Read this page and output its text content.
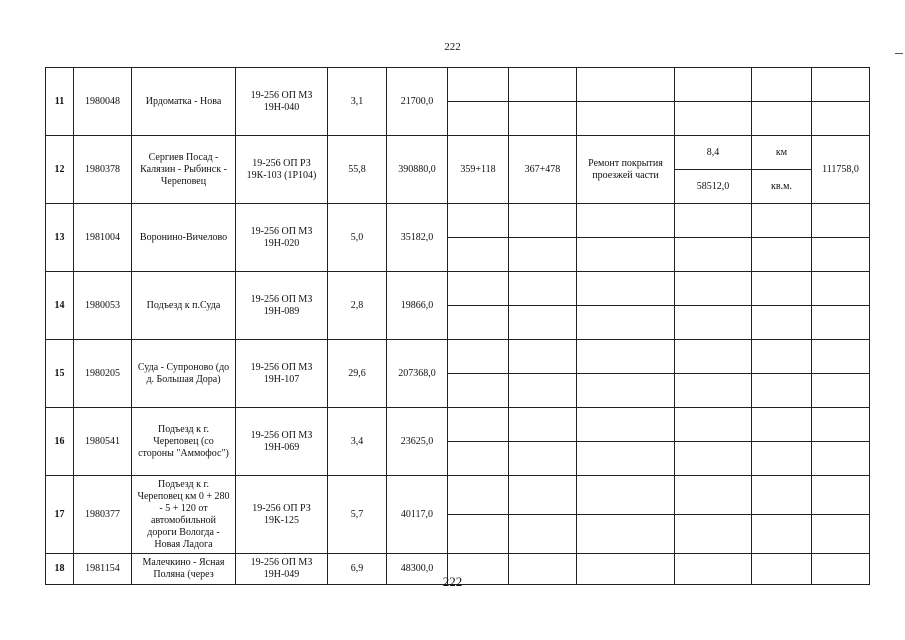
222
11	1980048	Ирдоматка - Нова	19-256 ОП МЗ 19Н-040	3,1	21700,0						

12	1980378	Сергиев Посад - Калязин - Рыбинск - Череповец	19-256 ОП РЗ 19К-103 (1Р104)	55,8	390880,0	359+118	367+478	Ремонт покрытия проезжей части	8,4	км	111758,0
									58512,0	кв.м.	
13	1981004	Воронино-Вичелово	19-256 ОП МЗ 19Н-020	5,0	35182,0						

14	1980053	Подъезд к п.Суда	19-256 ОП МЗ 19Н-089	2,8	19866,0						

15	1980205	Суда - Супроново (до д. Большая Дора)	19-256 ОП МЗ 19Н-107	29,6	207368,0						

16	1980541	Подъезд к г. Череповец (со стороны "Аммофос")	19-256 ОП МЗ 19Н-069	3,4	23625,0						

17	1980377	Подъезд к г. Череповец км 0 + 280 - 5 + 120 от автомобильной дороги Вологда - Новая Ладога	19-256 ОП РЗ 19К-125	5,7	40117,0						

18	1981154	Малечкино - Ясная Поляна (через	19-256 ОП МЗ 19Н-049	6,9	48300,0						
222
